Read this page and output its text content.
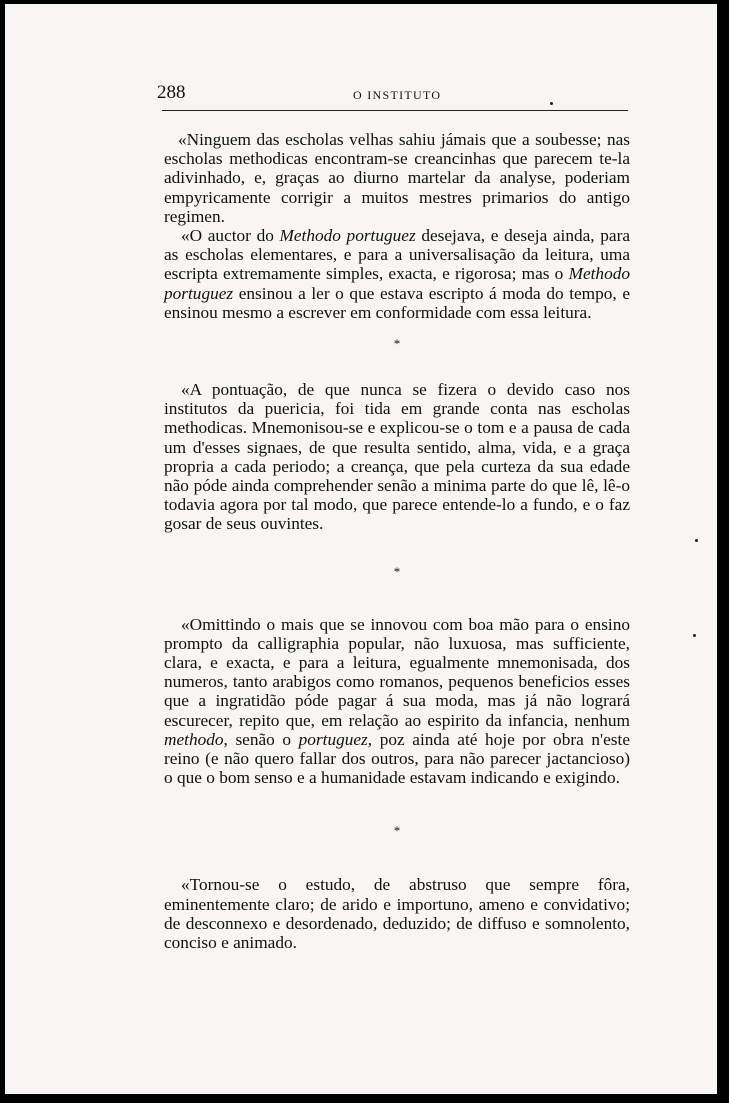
288	O INSTITUTO

«Ninguem das escholas velhas sahiu jámais que a soubesse; nas escholas methodicas encontram-se creancinhas que parecem te-la adivinhado, e, graças ao diurno martelar da analyse, poderiam empyricamente corrigir a muitos mestres primarios do antigo regimen.

«O auctor do Methodo portuguez desejava, e deseja ainda, para as escholas elementares, e para a universalisação da leitura, uma escripta extremamente simples, exacta, e rigorosa; mas o Methodo portuguez ensinou a ler o que estava escripto á moda do tempo, e ensinou mesmo a escrever em conformidade com essa leitura.

*

«A pontuação, de que nunca se fizera o devido caso nos institutos da puericia, foi tida em grande conta nas escholas methodicas. Mnemonisou-se e explicou-se o tom e a pausa de cada um d'esses signaes, de que resulta sentido, alma, vida, e a graça propria a cada periodo; a creança, que pela curteza da sua edade não póde ainda comprehender senão a minima parte do que lê, lê-o todavia agora por tal modo, que parece entende-lo a fundo, e o faz gosar de seus ouvintes.

*

«Omittindo o mais que se innovou com boa mão para o ensino prompto da calligraphia popular, não luxuosa, mas sufficiente, clara, e exacta, e para a leitura, egualmente mnemonisada, dos numeros, tanto arabigos como romanos, pequenos beneficios esses que a ingratidão póde pagar á sua moda, mas já não logrará escurecer, repito que, em relação ao espirito da infancia, nenhum methodo, senão o portuguez, poz ainda até hoje por obra n'este reino (e não quero fallar dos outros, para não parecer jactancioso) o que o bom senso e a humanidade estavam indicando e exigindo.

*

«Tornou-se o estudo, de abstruso que sempre fôra, eminentemente claro; de arido e importuno, ameno e convidativo; de desconnexo e desordenado, deduzido; de diffuso e somnolento, conciso e animado.
